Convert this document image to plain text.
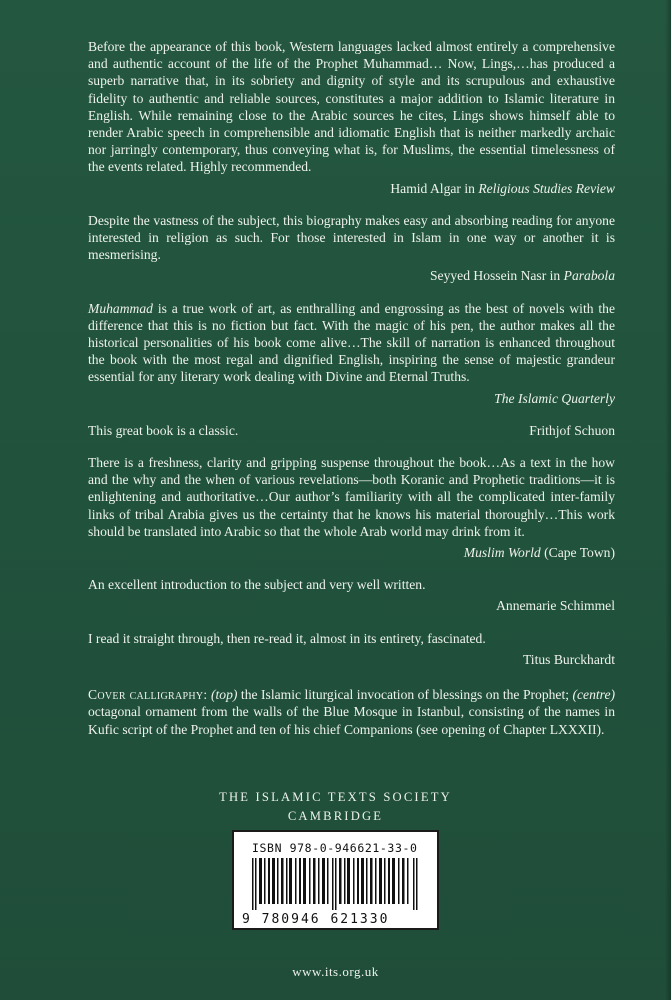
Before the appearance of this book, Western languages lacked almost entirely a comprehensive and authentic account of the life of the Prophet Muhammad… Now, Lings,…has produced a superb narrative that, in its sobriety and dignity of style and its scrupulous and exhaustive fidelity to authentic and reliable sources, constitutes a major addition to Islamic literature in English. While remaining close to the Arabic sources he cites, Lings shows himself able to render Arabic speech in comprehensible and idiomatic English that is neither markedly archaic nor jarringly contemporary, thus conveying what is, for Muslims, the essential timelessness of the events related. Highly recommended.

Hamid Algar in Religious Studies Review

Despite the vastness of the subject, this biography makes easy and absorbing reading for anyone interested in religion as such. For those interested in Islam in one way or another it is mesmerising.

Seyyed Hossein Nasr in Parabola

Muhammad is a true work of art, as enthralling and engrossing as the best of novels with the difference that this is no fiction but fact. With the magic of his pen, the author makes all the historical personalities of his book come alive…The skill of narration is enhanced throughout the book with the most regal and dignified English, inspiring the sense of majestic grandeur essential for any literary work dealing with Divine and Eternal Truths.

The Islamic Quarterly
This great book is a classic.	Frithjof Schuon

There is a freshness, clarity and gripping suspense throughout the book…As a text in the how and the why and the when of various revelations—both Koranic and Prophetic traditions—it is enlightening and authoritative…Our author’s familiarity with all the complicated inter-family links of tribal Arabia gives us the certainty that he knows his material thoroughly…This work should be translated into Arabic so that the whole Arab world may drink from it.

Muslim World (Cape Town)

An excellent introduction to the subject and very well written.

Annemarie Schimmel

I read it straight through, then re-read it, almost in its entirety, fascinated.

Titus Burckhardt

Cover calligraphy: (top) the Islamic liturgical invocation of blessings on the Prophet; (centre) octagonal ornament from the walls of the Blue Mosque in Istanbul, consisting of the names in Kufic script of the Prophet and ten of his chief Companions (see opening of Chapter LXXXII).

THE ISLAMIC TEXTS SOCIETY
CAMBRIDGE
ISBN 978-0-946621-33-0
9 780946 621330
www.its.org.uk
